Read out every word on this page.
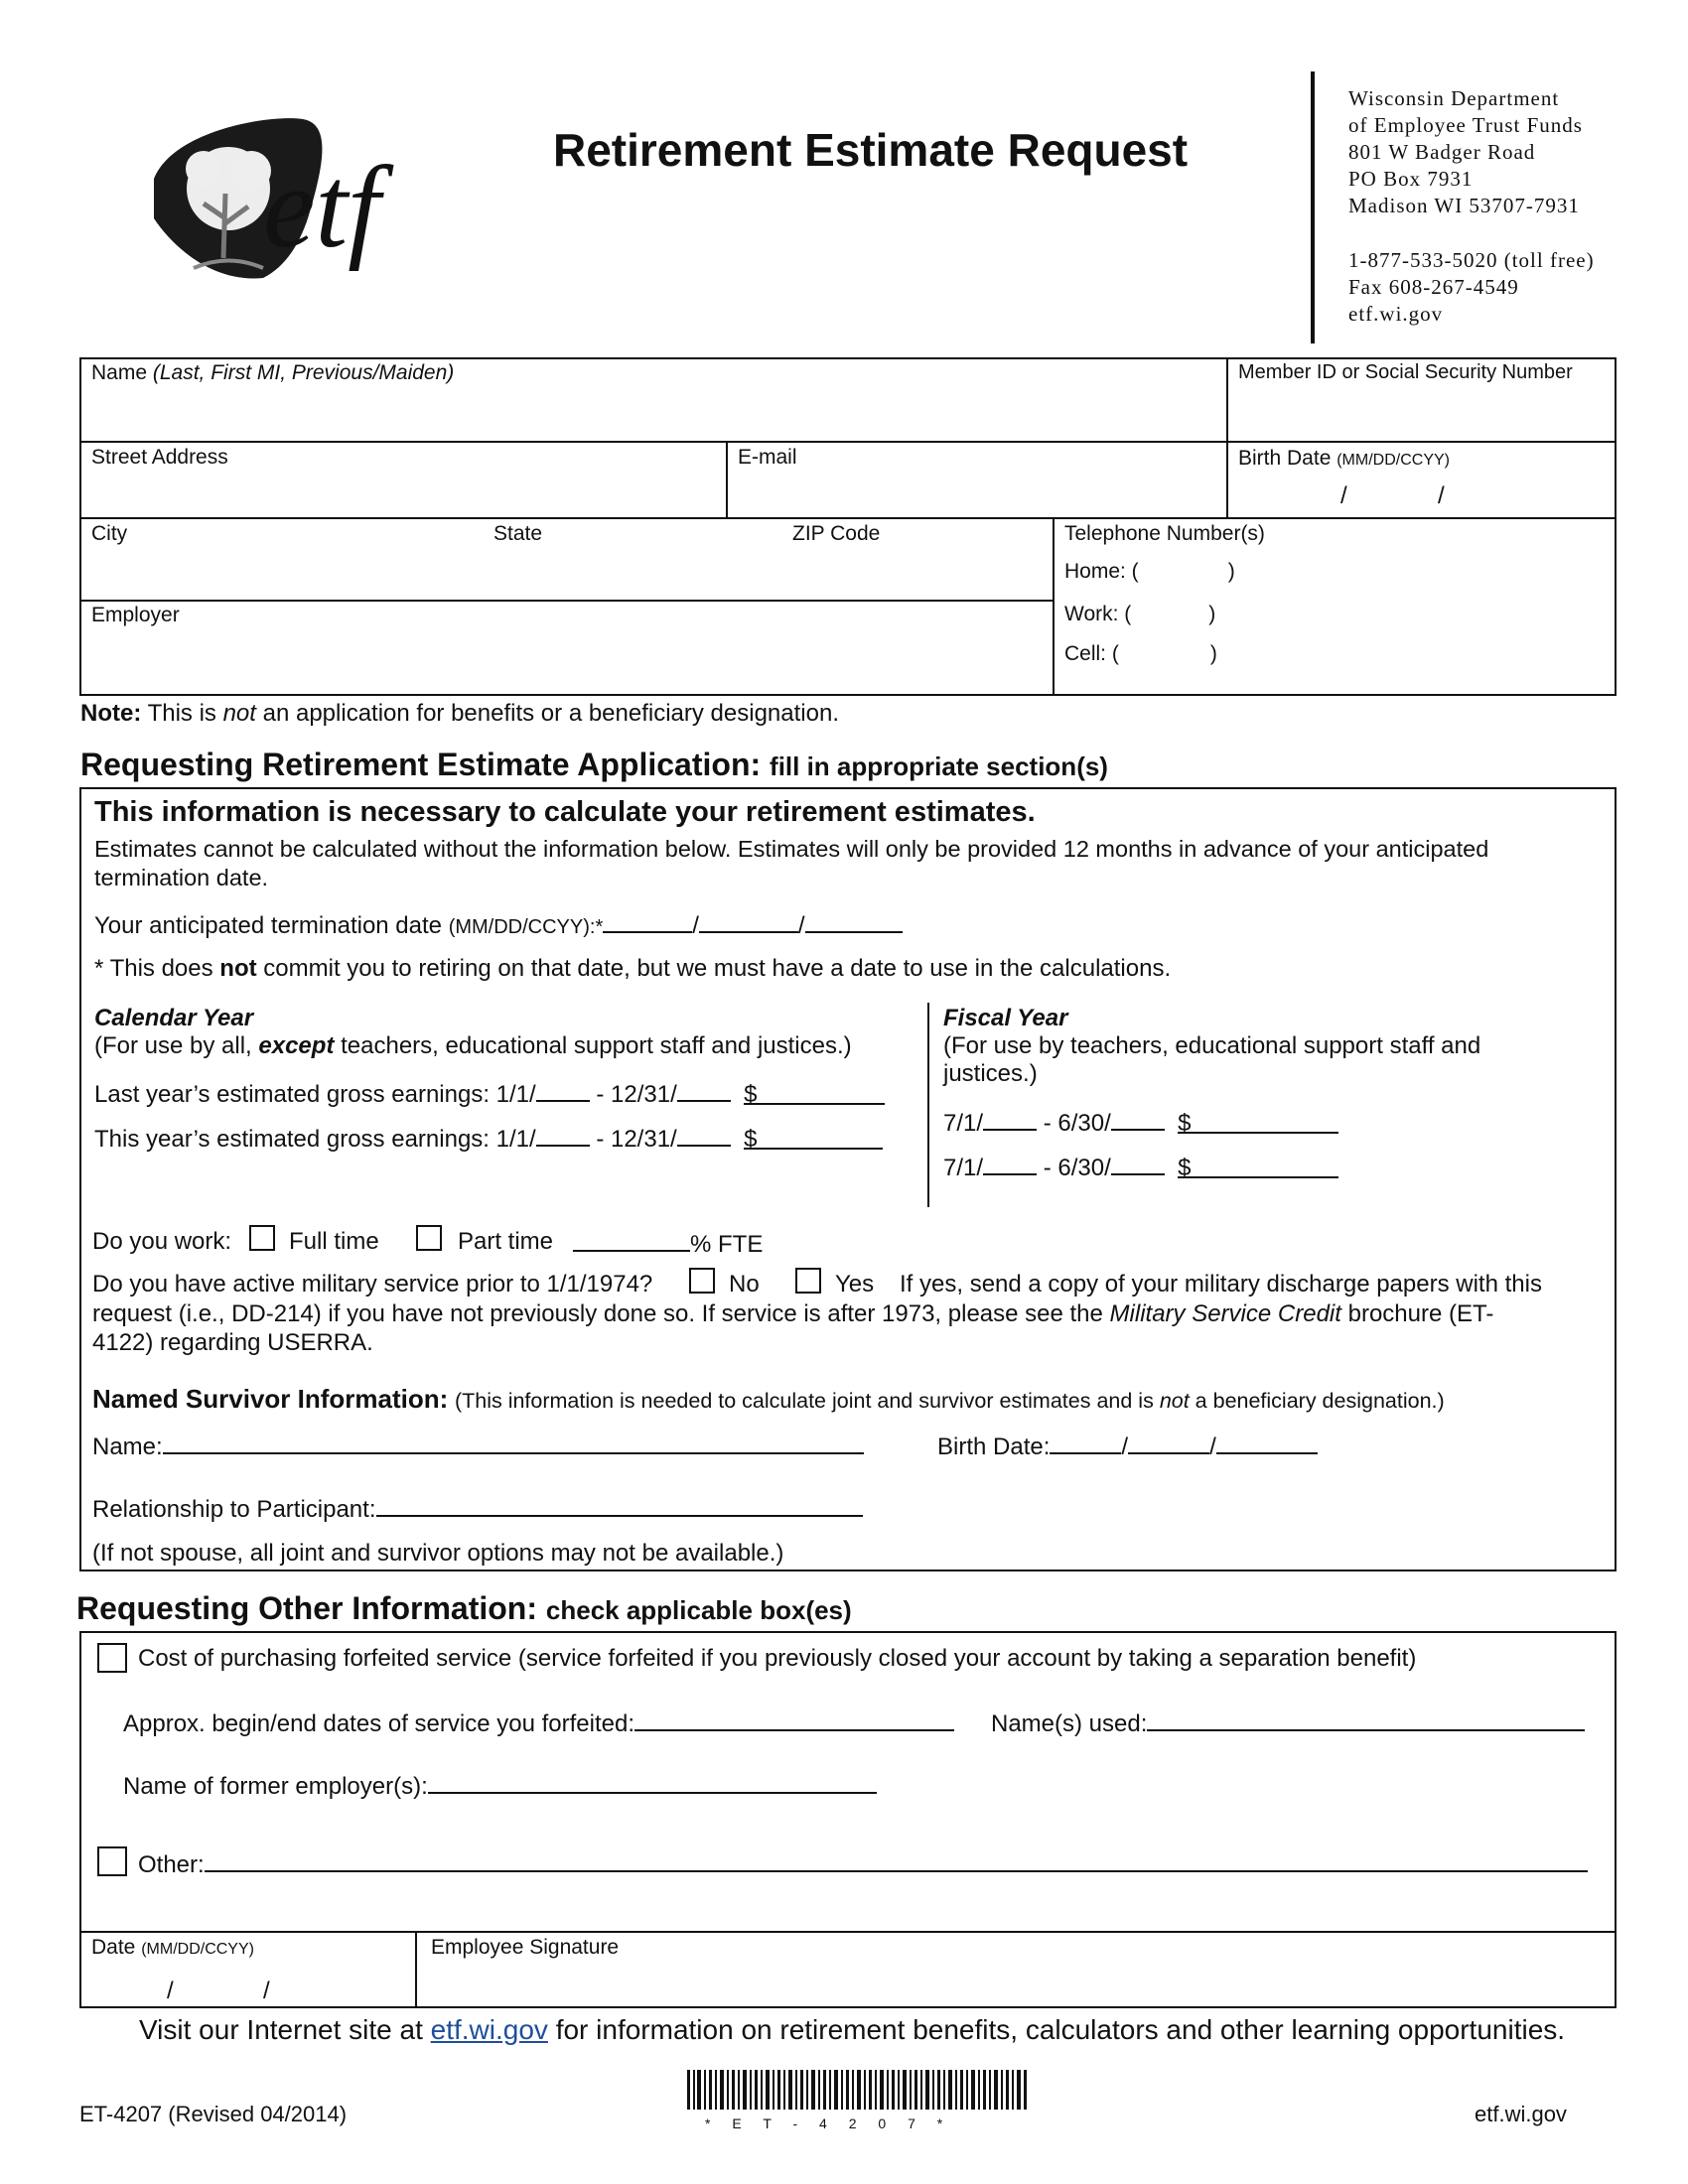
etf	Retirement Estimate Request
Wisconsin Department
of Employee Trust Funds
801 W Badger Road
PO Box 7931
Madison WI 53707-7931
1-877-533-5020 (toll free)
Fax 608-267-4549
etf.wi.gov
Name (Last, First MI, Previous/Maiden)	Member ID or Social Security Number
Street Address	E-mail	Birth Date (MM/DD/CCYY)
/	/
City	State	ZIP Code	Telephone Number(s)
Home: (	)
Work: (	)
Cell: (	)
Employer
Note: This is not an application for benefits or a beneficiary designation.
Requesting Retirement Estimate Application: fill in appropriate section(s)
This information is necessary to calculate your retirement estimates.
Estimates cannot be calculated without the information below. Estimates will only be provided 12 months in advance of your anticipated
termination date.
Your anticipated termination date (MM/DD/CCYY):*	/	/
* This does not commit you to retiring on that date, but we must have a date to use in the calculations.
Calendar Year
(For use by all, except teachers, educational support staff and justices.)
Last year’s estimated gross earnings: 1/1/ - 12/31/	$
This year’s estimated gross earnings: 1/1/ - 12/31/	$
Fiscal Year
(For use by teachers, educational support staff and
justices.)
7/1/ - 6/30/	$
7/1/ - 6/30/	$
Do you work: Full time	Part time	% FTE
Do you have active military service prior to 1/1/1974?	No	Yes If yes, send a copy of your military discharge papers with this
request (i.e., DD-214) if you have not previously done so. If service is after 1973, please see the Military Service Credit brochure (ET-
4122) regarding USERRA.
Named Survivor Information: (This information is needed to calculate joint and survivor estimates and is not a beneficiary designation.)
Name:	Birth Date:	/	/
Relationship to Participant:
(If not spouse, all joint and survivor options may not be available.)
Requesting Other Information: check applicable box(es)
Cost of purchasing forfeited service (service forfeited if you previously closed your account by taking a separation benefit)
Approx. begin/end dates of service you forfeited:	Name(s) used:
Name of former employer(s):
Other:
Date (MM/DD/CCYY)
/	/
Employee Signature
Visit our Internet site at etf.wi.gov for information on retirement benefits, calculators and other learning opportunities.
ET-4207 (Revised 04/2014)	* E T - 4 2 0 7 *	etf.wi.gov
